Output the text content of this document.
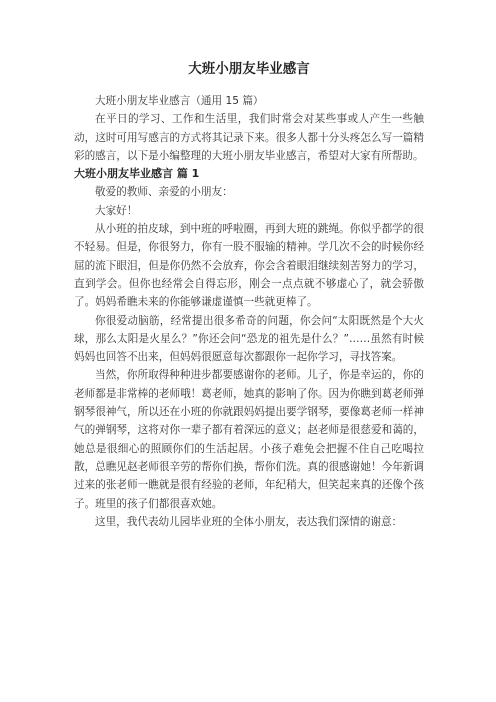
大班小朋友毕业感言

大班小朋友毕业感言（通用 15 篇）

在平日的学习、工作和生活里，我们时常会对某些事或人产生一些触动，这时可用写感言的方式将其记录下来。很多人都十分头疼怎么写一篇精彩的感言，以下是小编整理的大班小朋友毕业感言，希望对大家有所帮助。

大班小朋友毕业感言 篇 1

敬爱的教师、亲爱的小朋友：

大家好！

从小班的拍皮球，到中班的呼啦圈，再到大班的跳绳。你似乎都学的很不轻易。但是，你很努力，你有一股不服输的精神。学几次不会的时候你经屈的流下眼泪，但是你仍然不会放弃，你会含着眼泪继续刻苦努力的学习，直到学会。但你也经常会自得忘形，刚会一点点就不够虚心了，就会骄傲了。妈妈希瞧未来的你能够谦虚谨慎一些就更棒了。

你很爱动脑筋，经常提出很多希奇的问题，你会问“太阳既然是个大火球，那么太阳是火星么？”你还会问“恐龙的祖先是什么？”……虽然有时候妈妈也回答不出来，但妈妈很愿意每次都跟你一起你学习，寻找答案。

当然，你所取得种种进步都要感谢你的老师。儿子，你是幸运的，你的老师都是非常棒的老师哦！葛老师，她真的影响了你。因为你瞧到葛老师弹钢琴很神气，所以还在小班的你就跟妈妈提出要学钢琴，要像葛老师一样神气的弹钢琴，这将对你一辈子都有着深远的意义；赵老师是很慈爱和蔼的，她总是很细心的照顾你们的生活起居。小孩子难免会把握不住自己吃喝拉散，总瞧见赵老师很辛劳的帮你们换，帮你们洗。真的很感谢她！今年新调过来的张老师一瞧就是很有经验的老师，年纪稍大，但笑起来真的还像个孩子。班里的孩子们都很喜欢她。

这里，我代表幼儿园毕业班的全体小朋友，表达我们深情的谢意：
